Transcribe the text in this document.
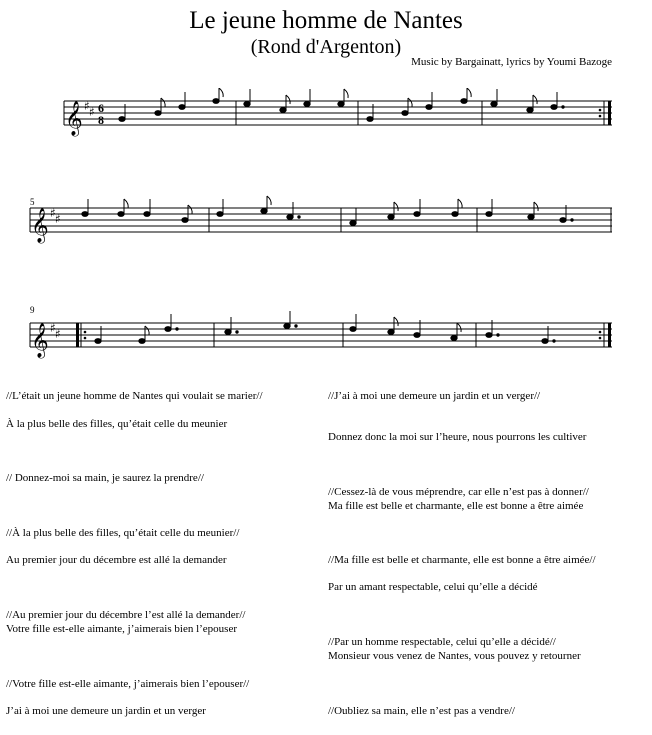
Le jeune homme de Nantes
(Rond d'Argenton)
Music by Bargainatt, lyrics by Youmi Bazoge
𝄞 ♯ ♯ 6
8
5
𝄞 ♯ ♯
9
𝄞 ♯ ♯
//L’était un jeune homme de Nantes qui voulait se marier//
À la plus belle des filles, qu’était celle du meunier
// Donnez-moi sa main, je saurez la prendre//
//À la plus belle des filles, qu’était celle du meunier//
Au premier jour du décembre est allé la demander
//Au premier jour du décembre l’est allé la demander//
Votre fille est-elle aimante, j’aimerais bien l’epouser
//Votre fille est-elle aimante, j’aimerais bien l’epouser//
J’ai à moi une demeure un jardin et un verger
//J’ai à moi une demeure un jardin et un verger//
Donnez donc la moi sur l’heure, nous pourrons les cultiver
//Cessez-là de vous méprendre, car elle n’est pas à donner//
Ma fille est belle et charmante, elle est bonne a être aimée
//Ma fille est belle et charmante, elle est bonne a être aimée//
Par un amant respectable, celui qu’elle a décidé
//Par un homme respectable, celui qu’elle a décidé//
Monsieur vous venez de Nantes, vous pouvez y retourner
//Oubliez sa main, elle n’est pas a vendre//
